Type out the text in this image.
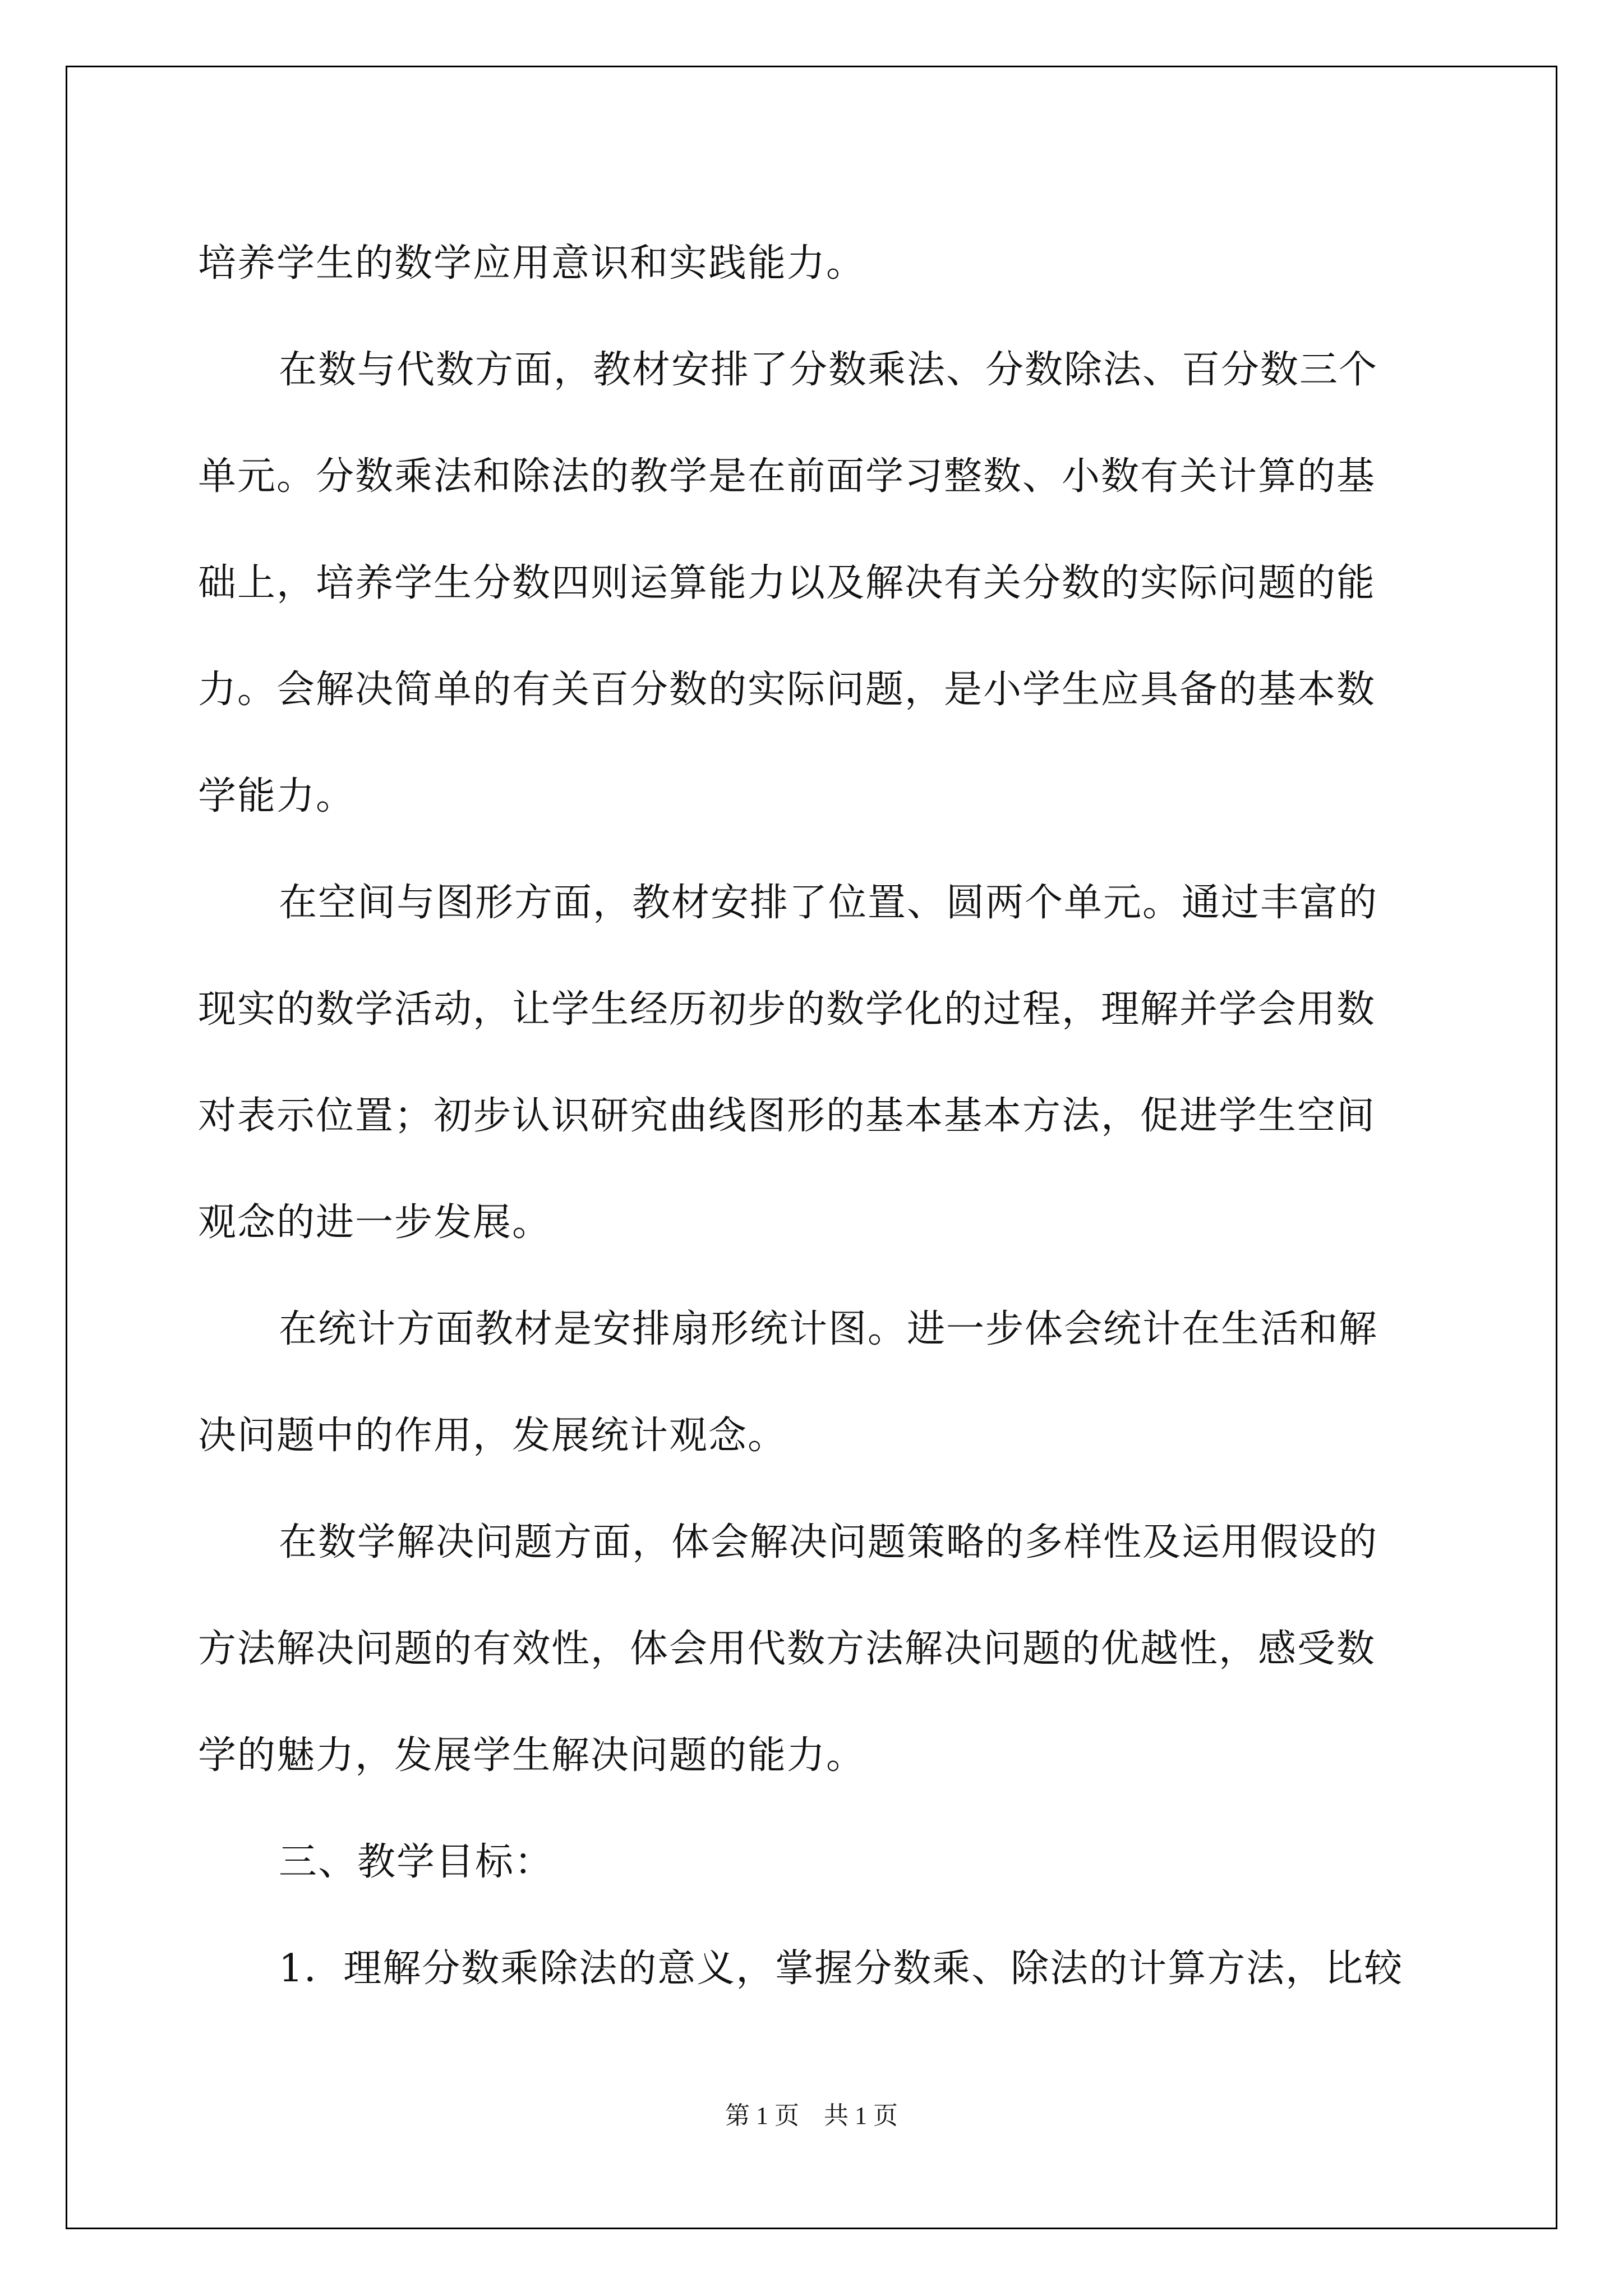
培养学生的数学应用意识和实践能力。
在数与代数方面，教材安排了分数乘法、分数除法、百分数三个
单元。分数乘法和除法的教学是在前面学习整数、小数有关计算的基
础上，培养学生分数四则运算能力以及解决有关分数的实际问题的能
力。会解决简单的有关百分数的实际问题，是小学生应具备的基本数
学能力。
在空间与图形方面，教材安排了位置、圆两个单元。通过丰富的
现实的数学活动，让学生经历初步的数学化的过程，理解并学会用数
对表示位置；初步认识研究曲线图形的基本基本方法，促进学生空间
观念的进一步发展。
在统计方面教材是安排扇形统计图。进一步体会统计在生活和解
决问题中的作用，发展统计观念。
在数学解决问题方面，体会解决问题策略的多样性及运用假设的
方法解决问题的有效性，体会用代数方法解决问题的优越性，感受数
学的魅力，发展学生解决问题的能力。
三、教学目标：
1．理解分数乘除法的意义，掌握分数乘、除法的计算方法，比较
第 1 页　共 1 页
